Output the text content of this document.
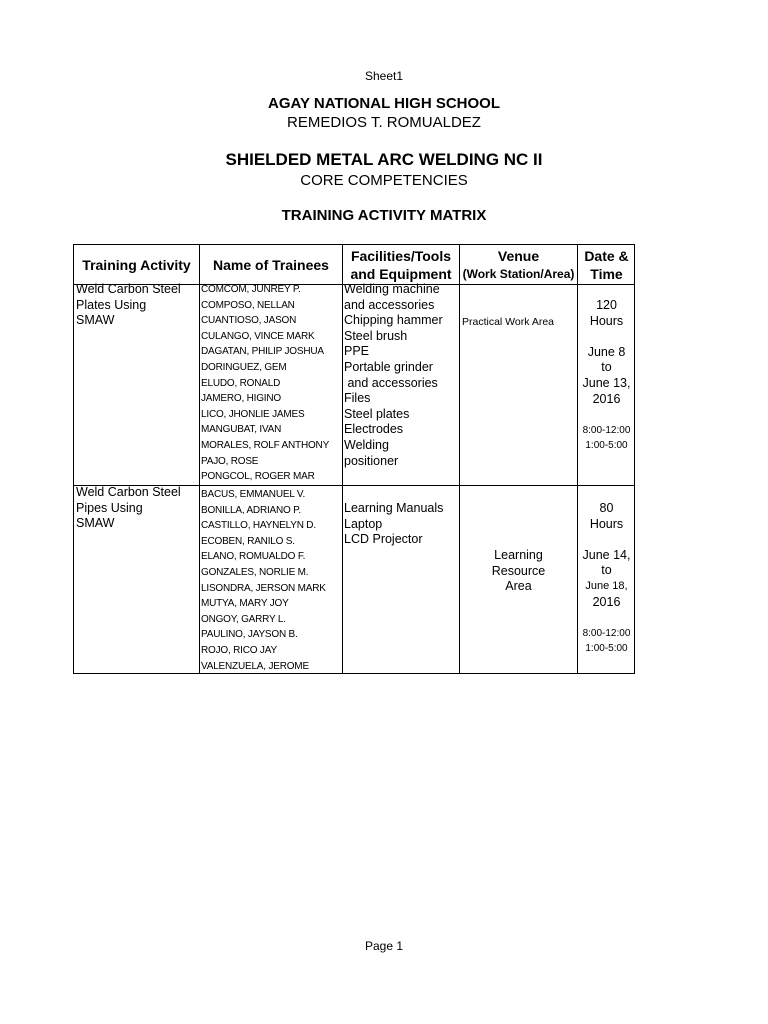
Sheet1
AGAY NATIONAL HIGH SCHOOL
REMEDIOS T. ROMUALDEZ
SHIELDED METAL ARC WELDING NC II
CORE COMPETENCIES
TRAINING ACTIVITY MATRIX
Training Activity Name of Trainees
Facilities/Tools
and Equipment
Venue
(Work Station/Area)
Date &
Time
Weld Carbon Steel
Plates Using
SMAW
COMCOM, JUNREY P.
COMPOSO, NELLAN
CUANTIOSO, JASON
CULANGO, VINCE MARK
DAGATAN, PHILIP JOSHUA
DORINGUEZ, GEM
ELUDO, RONALD
JAMERO, HIGINO
LICO, JHONLIE JAMES
MANGUBAT, IVAN
MORALES, ROLF ANTHONY
PAJO, ROSE
PONGCOL, ROGER MAR
Welding machine
and accessories
Chipping hammer
Steel brush
PPE
Portable grinder
and accessories
Files
Steel plates
Electrodes
Welding
positioner
Practical Work Area
120
Hours
June 8
to
June 13,
2016
8:00-12:00
1:00-5:00
Weld Carbon Steel
Pipes Using
SMAW
BACUS, EMMANUEL V.
BONILLA, ADRIANO P.
CASTILLO, HAYNELYN D.
ECOBEN, RANILO S.
ELANO, ROMUALDO F.
GONZALES, NORLIE M.
LISONDRA, JERSON MARK
MUTYA, MARY JOY
ONGOY, GARRY L.
PAULINO, JAYSON B.
ROJO, RICO JAY
VALENZUELA, JEROME
Learning Manuals
Laptop
LCD Projector
Learning
Resource
Area
80
Hours
June 14,
to
June 18,
2016
8:00-12:00
1:00-5:00
Page 1
